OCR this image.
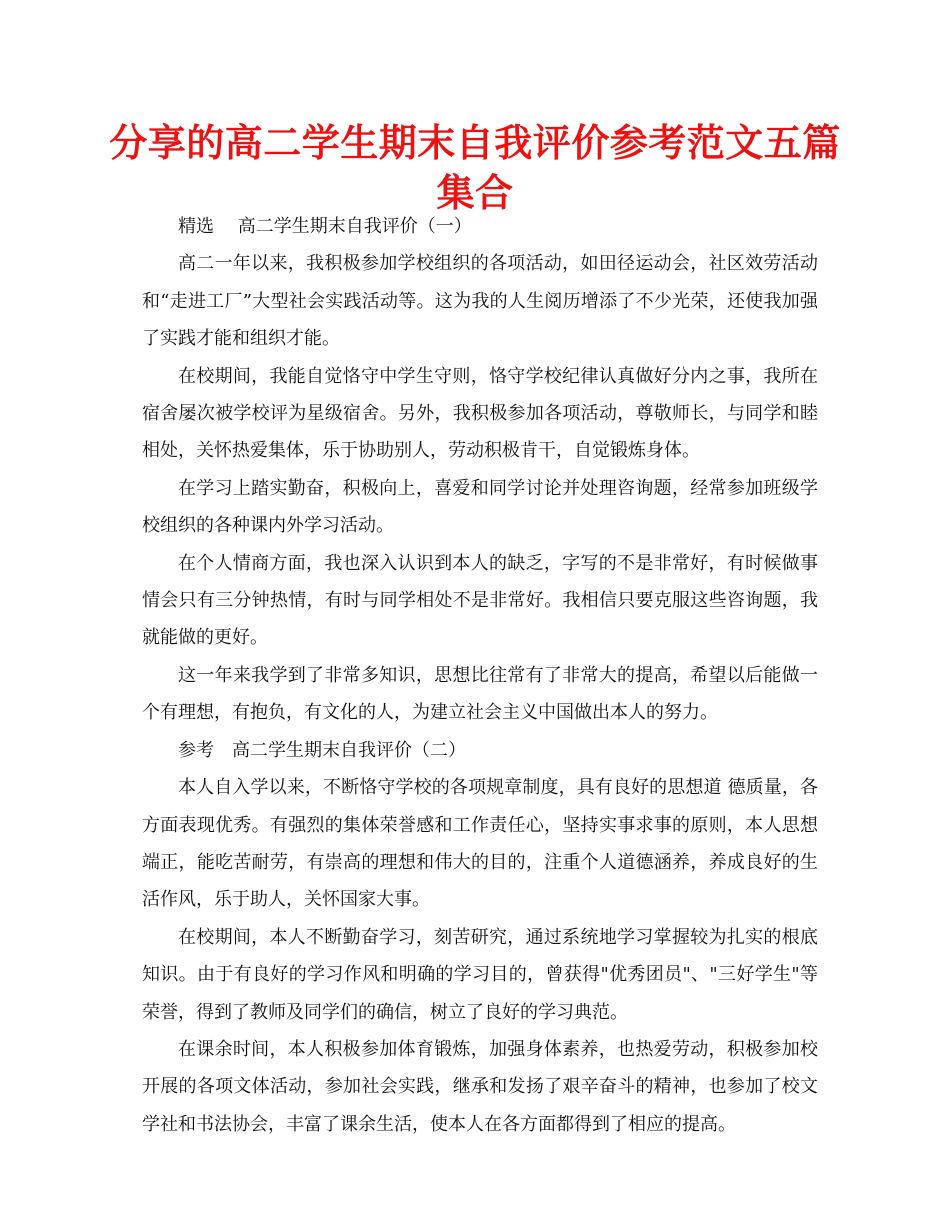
分享的高二学生期末自我评价参考范文五篇集合

精选　 高二学生期末自我评价（一）

高二一年以来，我积极参加学校组织的各项活动，如田径运动会，社区效劳活动和“走进工厂”大型社会实践活动等。这为我的人生阅历增添了不少光荣，还使我加强了实践才能和组织才能。

在校期间，我能自觉恪守中学生守则，恪守学校纪律认真做好分内之事，我所在宿舍屡次被学校评为星级宿舍。另外，我积极参加各项活动，尊敬师长，与同学和睦相处，关怀热爱集体，乐于协助别人，劳动积极肯干，自觉锻炼身体。

在学习上踏实勤奋，积极向上，喜爱和同学讨论并处理咨询题，经常参加班级学校组织的各种课内外学习活动。

在个人情商方面，我也深入认识到本人的缺乏，字写的不是非常好，有时候做事情会只有三分钟热情，有时与同学相处不是非常好。我相信只要克服这些咨询题，我就能做的更好。

这一年来我学到了非常多知识，思想比往常有了非常大的提高，希望以后能做一个有理想，有抱负，有文化的人，为建立社会主义中国做出本人的努力。

参考　高二学生期末自我评价（二）

本人自入学以来，不断恪守学校的各项规章制度，具有良好的思想道 德质量，各方面表现优秀。有强烈的集体荣誉感和工作责任心，坚持实事求事的原则，本人思想端正，能吃苦耐劳，有崇高的理想和伟大的目的，注重个人道德涵养，养成良好的生活作风，乐于助人，关怀国家大事。

在校期间，本人不断勤奋学习，刻苦研究，通过系统地学习掌握较为扎实的根底知识。由于有良好的学习作风和明确的学习目的，曾获得"优秀团员"、"三好学生"等荣誉，得到了教师及同学们的确信，树立了良好的学习典范。

在课余时间，本人积极参加体育锻炼，加强身体素养，也热爱劳动，积极参加校开展的各项文体活动，参加社会实践，继承和发扬了艰辛奋斗的精神，也参加了校文学社和书法协会，丰富了课余生活，使本人在各方面都得到了相应的提高。
